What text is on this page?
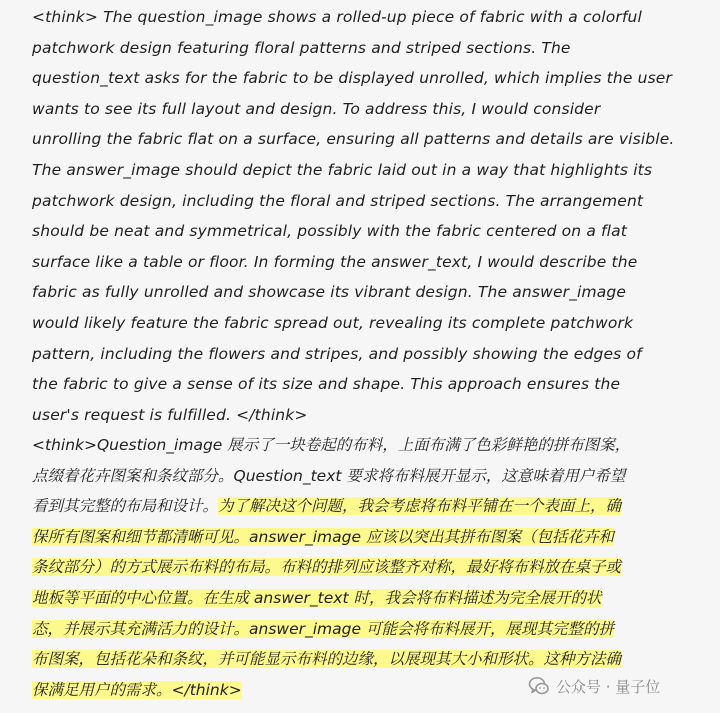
<think> The question_image shows a rolled-up piece of fabric with a colorful
patchwork design featuring floral patterns and striped sections. The
question_text asks for the fabric to be displayed unrolled, which implies the user
wants to see its full layout and design. To address this, I would consider
unrolling the fabric flat on a surface, ensuring all patterns and details are visible.
The answer_image should depict the fabric laid out in a way that highlights its
patchwork design, including the floral and striped sections. The arrangement
should be neat and symmetrical, possibly with the fabric centered on a flat
surface like a table or floor. In forming the answer_text, I would describe the
fabric as fully unrolled and showcase its vibrant design. The answer_image
would likely feature the fabric spread out, revealing its complete patchwork
pattern, including the flowers and stripes, and possibly showing the edges of
the fabric to give a sense of its size and shape. This approach ensures the
user's request is fulfilled. </think>

<think>Question_image 展示了一块卷起的布料，上面布满了色彩鲜艳的拼布图案，
点缀着花卉图案和条纹部分。Question_text 要求将布料展开显示，这意味着用户希望
看到其完整的布局和设计。为了解决这个问题，我会考虑将布料平铺在一个表面上，确
保所有图案和细节都清晰可见。answer_image 应该以突出其拼布图案（包括花卉和
条纹部分）的方式展示布料的布局。布料的排列应该整齐对称，最好将布料放在桌子或
地板等平面的中心位置。在生成 answer_text 时，我会将布料描述为完全展开的状
态，并展示其充满活力的设计。answer_image 可能会将布料展开，展现其完整的拼
布图案，包括花朵和条纹，并可能显示布料的边缘，以展现其大小和形状。这种方法确
保满足用户的需求。</think>	公众号 · 量子位
